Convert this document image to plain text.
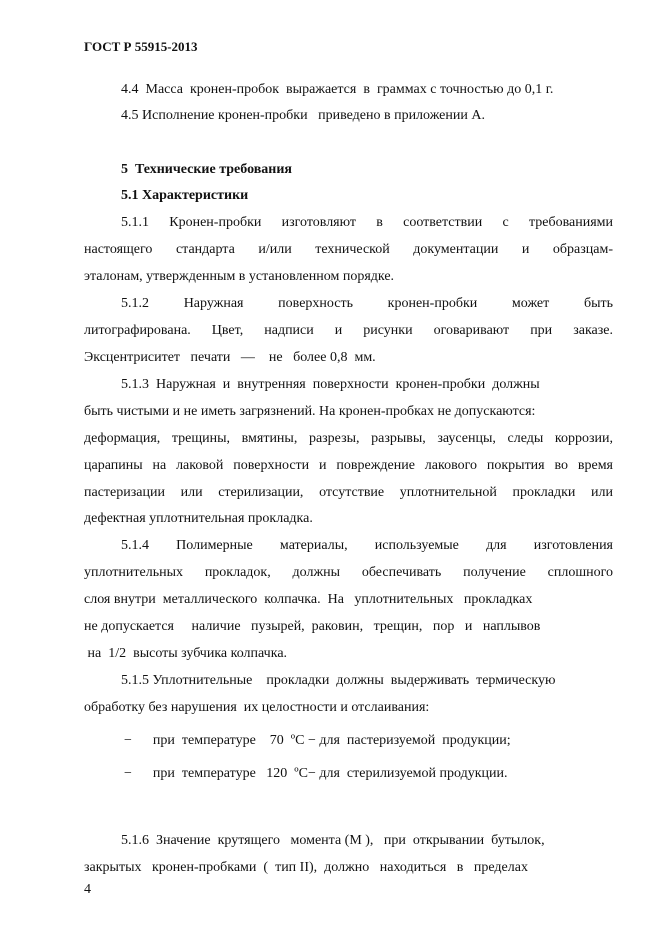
ГОСТ Р 55915-2013
4.4  Масса  кронен-пробок  выражается  в  граммах с точностью до 0,1 г.
4.5 Исполнение кронен-пробки   приведено в приложении А.
5  Технические требования
5.1 Характеристики
5.1.1 Кронен-пробки изготовляют в соответствии с требованиями
настоящего стандарта и/или технической документации и образцам-
эталонам, утвержденным в установленном порядке.
5.1.2 Наружная поверхность кронен-пробки может быть
литографирована. Цвет, надписи и рисунки оговаривают при заказе.
Эксцентриситет   печати   —    не   более 0,8  мм.
5.1.3  Наружная  и  внутренняя  поверхности  кронен-пробки  должны
быть чистыми и не иметь загрязнений. На кронен-пробках не допускаются:
деформация, трещины, вмятины, разрезы, разрывы, заусенцы, следы коррозии,
царапины на лаковой поверхности и повреждение лакового покрытия во время
пастеризации или стерилизации, отсутствие уплотнительной прокладки или
дефектная уплотнительная прокладка.
5.1.4 Полимерные материалы, используемые для изготовления
уплотнительных прокладок, должны обеспечивать получение сплошного
слоя внутри  металлического  колпачка.  На   уплотнительных   прокладках
не допускается     наличие   пузырей,  раковин,   трещин,   пор   и   наплывов
на  1/2  высоты зубчика колпачка.
5.1.5 Уплотнительные    прокладки  должны  выдерживать  термическую
обработку без нарушения  их целостности и отслаивания:
−      при  температуре    70  ºС − для  пастеризуемой  продукции;
−      при  температуре   120  ºС− для  стерилизуемой продукции.
5.1.6  Значение  крутящего   момента (М ),   при  открывании  бутылок,
закрытых   кронен-пробками  (  тип II),  должно   находиться   в   пределах
4
